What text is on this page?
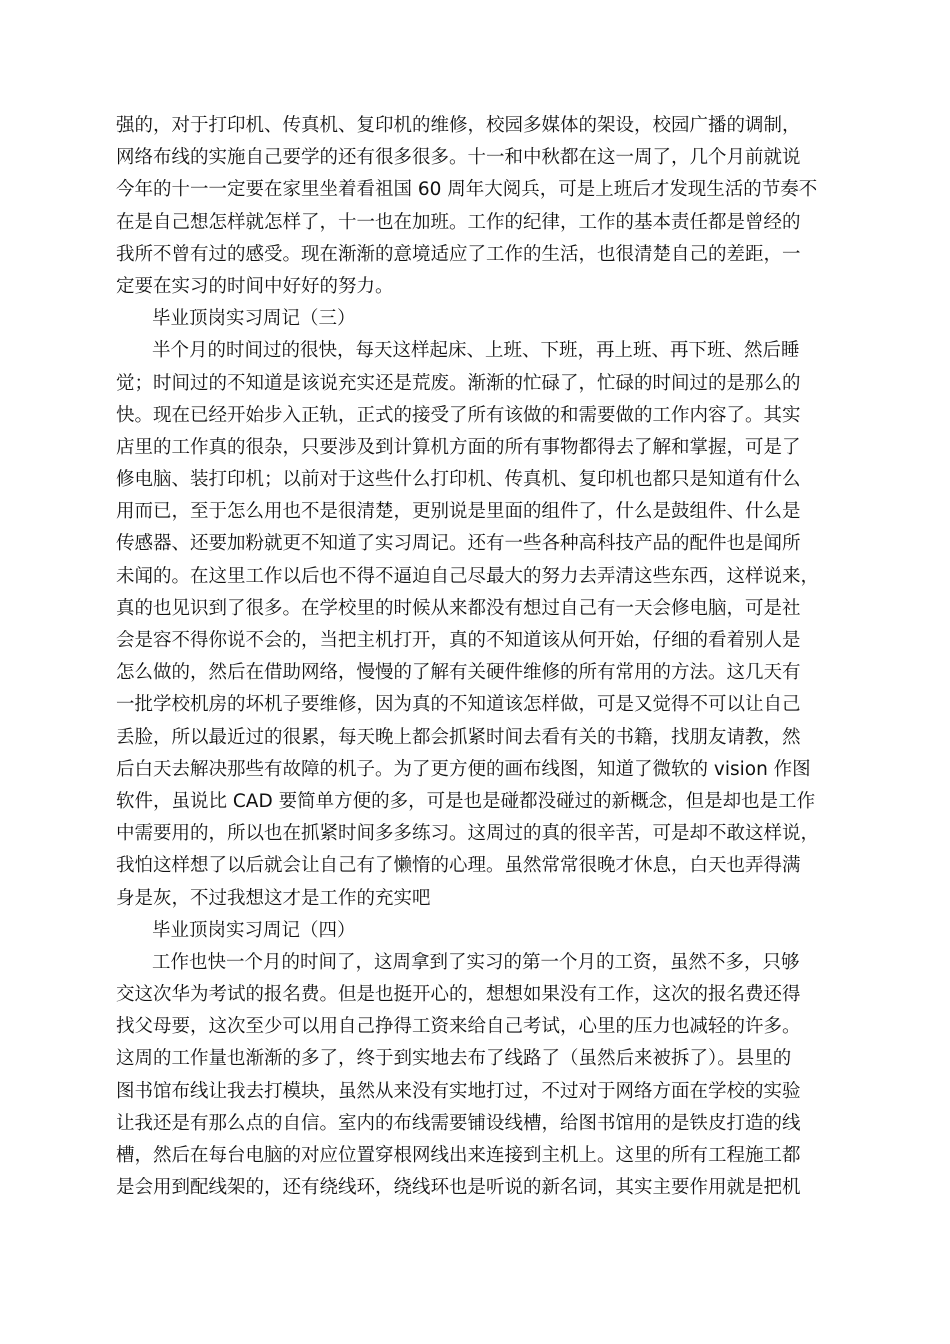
强的，对于打印机、传真机、复印机的维修，校园多媒体的架设，校园广播的调制，
网络布线的实施自己要学的还有很多很多。十一和中秋都在这一周了，几个月前就说
今年的十一一定要在家里坐着看祖国 60 周年大阅兵，可是上班后才发现生活的节奏不
在是自己想怎样就怎样了，十一也在加班。工作的纪律，工作的基本责任都是曾经的
我所不曾有过的感受。现在渐渐的意境适应了工作的生活，也很清楚自己的差距，一
定要在实习的时间中好好的努力。
毕业顶岗实习周记（三）
半个月的时间过的很快，每天这样起床、上班、下班，再上班、再下班、然后睡
觉；时间过的不知道是该说充实还是荒废。渐渐的忙碌了，忙碌的时间过的是那么的
快。现在已经开始步入正轨，正式的接受了所有该做的和需要做的工作内容了。其实
店里的工作真的很杂，只要涉及到计算机方面的所有事物都得去了解和掌握，可是了
修电脑、装打印机；以前对于这些什么打印机、传真机、复印机也都只是知道有什么
用而已，至于怎么用也不是很清楚，更别说是里面的组件了，什么是鼓组件、什么是
传感器、还要加粉就更不知道了实习周记。还有一些各种高科技产品的配件也是闻所
未闻的。在这里工作以后也不得不逼迫自己尽最大的努力去弄清这些东西，这样说来，
真的也见识到了很多。在学校里的时候从来都没有想过自己有一天会修电脑，可是社
会是容不得你说不会的，当把主机打开，真的不知道该从何开始，仔细的看着别人是
怎么做的，然后在借助网络，慢慢的了解有关硬件维修的所有常用的方法。这几天有
一批学校机房的坏机子要维修，因为真的不知道该怎样做，可是又觉得不可以让自己
丢脸，所以最近过的很累，每天晚上都会抓紧时间去看有关的书籍，找朋友请教，然
后白天去解决那些有故障的机子。为了更方便的画布线图，知道了微软的 vision 作图
软件，虽说比 CAD 要简单方便的多，可是也是碰都没碰过的新概念，但是却也是工作
中需要用的，所以也在抓紧时间多多练习。这周过的真的很辛苦，可是却不敢这样说，
我怕这样想了以后就会让自己有了懒惰的心理。虽然常常很晚才休息，白天也弄得满
身是灰，不过我想这才是工作的充实吧
毕业顶岗实习周记（四）
工作也快一个月的时间了，这周拿到了实习的第一个月的工资，虽然不多，只够
交这次华为考试的报名费。但是也挺开心的，想想如果没有工作，这次的报名费还得
找父母要，这次至少可以用自己挣得工资来给自己考试，心里的压力也减轻的许多。
这周的工作量也渐渐的多了，终于到实地去布了线路了（虽然后来被拆了）。县里的
图书馆布线让我去打模块，虽然从来没有实地打过，不过对于网络方面在学校的实验
让我还是有那么点的自信。室内的布线需要铺设线槽，给图书馆用的是铁皮打造的线
槽，然后在每台电脑的对应位置穿根网线出来连接到主机上。这里的所有工程施工都
是会用到配线架的，还有绕线环，绕线环也是听说的新名词，其实主要作用就是把机
